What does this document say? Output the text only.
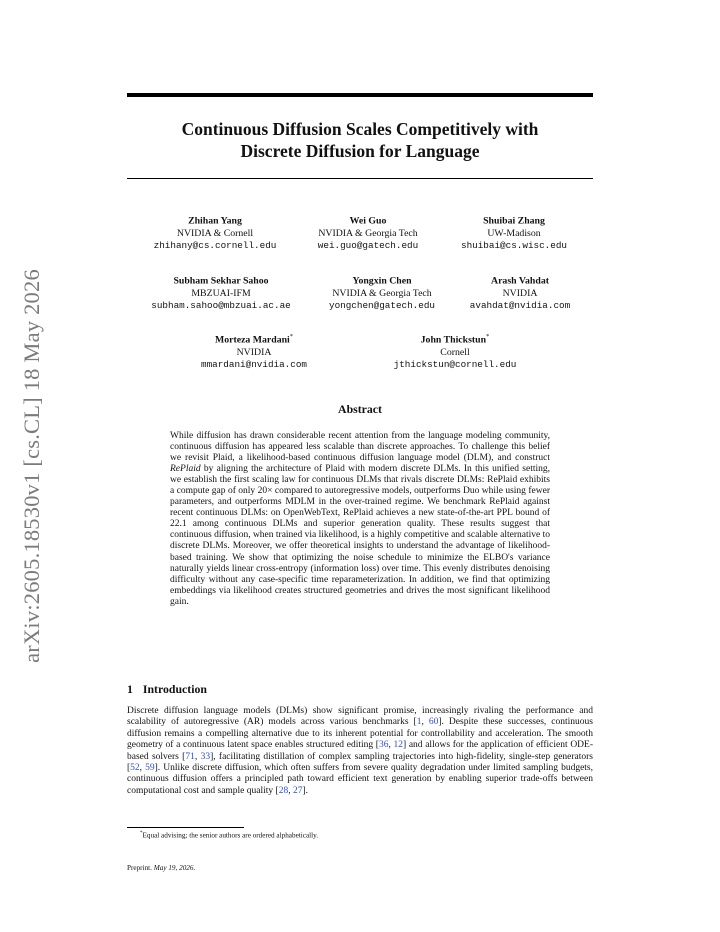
arXiv:2605.18530v1 [cs.CL] 18 May 2026
Continuous Diffusion Scales Competitively with
Discrete Diffusion for Language
Zhihan Yang
NVIDIA & Cornell
zhihany@cs.cornell.edu
Wei Guo
NVIDIA & Georgia Tech
wei.guo@gatech.edu
Shuibai Zhang
UW-Madison
shuibai@cs.wisc.edu
Subham Sekhar Sahoo
MBZUAI-IFM
subham.sahoo@mbzuai.ac.ae
Yongxin Chen
NVIDIA & Georgia Tech
yongchen@gatech.edu
Arash Vahdat
NVIDIA
avahdat@nvidia.com
Morteza Mardani*
NVIDIA
mmardani@nvidia.com
John Thickstun*
Cornell
jthickstun@cornell.edu
Abstract

While diffusion has drawn considerable recent attention from the language modeling community, continuous diffusion has appeared less scalable than discrete approaches. To challenge this belief we revisit Plaid, a likelihood-based continuous diffusion language model (DLM), and construct RePlaid by aligning the architecture of Plaid with modern discrete DLMs. In this unified setting, we establish the first scaling law for continuous DLMs that rivals discrete DLMs: RePlaid exhibits a compute gap of only 20× compared to autoregressive models, outperforms Duo while using fewer parameters, and outperforms MDLM in the over-trained regime. We benchmark RePlaid against recent continuous DLMs: on OpenWebText, RePlaid achieves a new state-of-the-art PPL bound of 22.1 among continuous DLMs and superior generation quality. These results suggest that continuous diffusion, when trained via likelihood, is a highly competitive and scalable alternative to discrete DLMs. Moreover, we offer theoretical insights to understand the advantage of likelihood-based training. We show that optimizing the noise schedule to minimize the ELBO's variance naturally yields linear cross-entropy (information loss) over time. This evenly distributes denoising difficulty without any case-specific time reparameterization. In addition, we find that optimizing embeddings via likelihood creates structured geometries and drives the most significant likelihood gain.

1 Introduction

Discrete diffusion language models (DLMs) show significant promise, increasingly rivaling the performance and scalability of autoregressive (AR) models across various benchmarks [1, 60]. Despite these successes, continuous diffusion remains a compelling alternative due to its inherent potential for controllability and acceleration. The smooth geometry of a continuous latent space enables structured editing [36, 12] and allows for the application of efficient ODE-based solvers [71, 33], facilitating distillation of complex sampling trajectories into high-fidelity, single-step generators [52, 59]. Unlike discrete diffusion, which often suffers from severe quality degradation under limited sampling budgets, continuous diffusion offers a principled path toward efficient text generation by enabling superior trade-offs between computational cost and sample quality [28, 27].

*Equal advising; the senior authors are ordered alphabetically.

Preprint. May 19, 2026.
